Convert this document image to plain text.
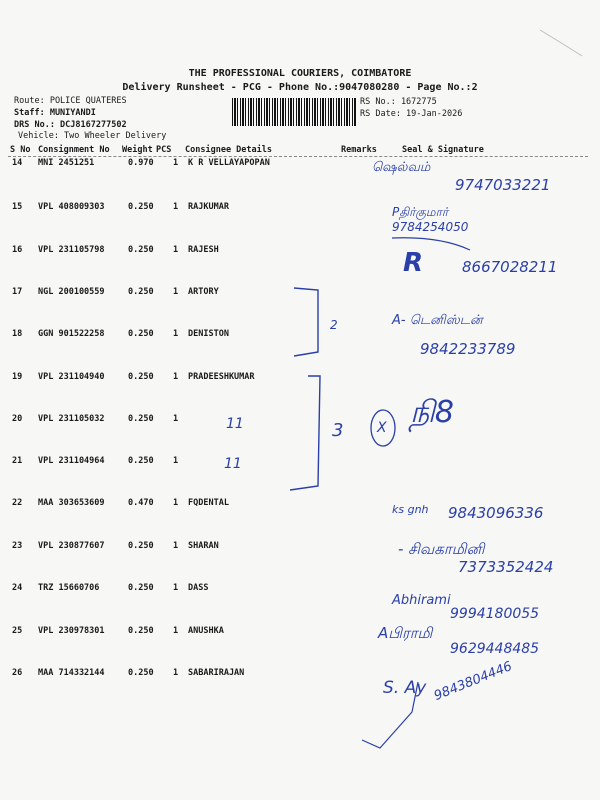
THE PROFESSIONAL COURIERS, COIMBATORE
Delivery Runsheet - PCG - Phone No.:9047080280 - Page No.:2
Route: POLICE QUATERES
Staff: MUNIYANDI
DRS No.: DCJ8167277502
Vehicle: Two Wheeler Delivery
RS No.: 1672775
RS Date: 19-Jan-2026
S No Consignment No Weight PCS Consignee Details	Remarks	Seal & Signature
14 MNI 2451251	0.970 1 K R VELLAYAPOPAN
15 VPL 408009303	0.250 1 RAJKUMAR
16 VPL 231105798	0.250 1 RAJESH
17 NGL 200100559	0.250 1 ARTORY
18 GGN 901522258	0.250 1 DENISTON
19 VPL 231104940	0.250 1 PRADEESHKUMAR
20 VPL 231105032	0.250 1
21 VPL 231104964	0.250 1
22 MAA 303653609	0.470 1 FQDENTAL
23 VPL 230877607	0.250 1 SHARAN
24 TRZ 15660706	0.250 1 DASS
25 VPL 230978301	0.250 1 ANUSHKA
26 MAA 714332144	0.250 1 SABARIRAJAN
ஷெல்வம்
9747033221
Pதிர்குமார்
9784254050
R	8667028211
2	A- டெனிஸ்டன்
9842233789
11
11
3 X நி8
ks gnh 9843096336
- சிவகாமினி
7373352424
Abhirami
9994180055
Aபிராமி
9629448485
S. Ay 9843804446
